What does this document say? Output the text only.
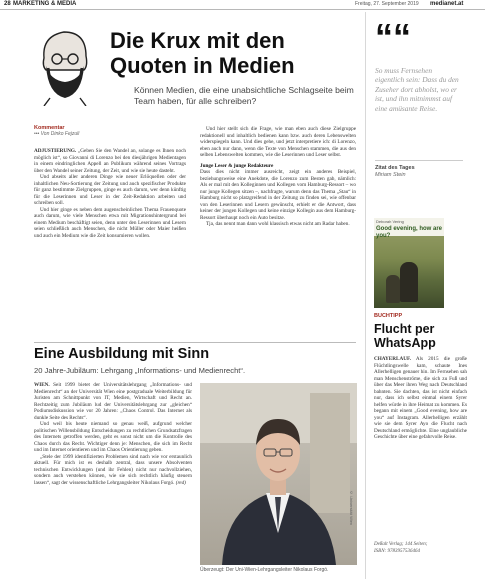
28 MARKETING & MEDIA	Freitag, 27. September 2019 medianet.at
Die Krux mit den Quoten in Medien
Können Medien, die eine unabsichtliche Schlagseite beim Team haben, für alle schreiben?
Kommentar
••• Von Dinko Fejzuli

ADJUSTIERUNG. „Geben Sie den Wandel an, solange es Ihnen noch möglich ist“, so Giovanni di Lorenzo bei den diesjährigen Medientagen in einem eindringlichen Appell an Publikum während seines Vortrags über den Wandel seiner Zeitung, der Zeit, und wie sie heute dasteht.

Und abseits aller anderen Dinge wie neuer Erlöquellen oder der inhaltlichen Neu-Sortierung der Zeitung und auch spezifischer Produkte für ganz bestimmte Zielgruppen, ginge es auch darum, wer denn künftig für die Leserinnen und Leser in der Zeit-Redaktion arbeiten und schreiben soll.

Und hier ginge es neben dem augenscheinlichen Thema Frauenquote auch darum, wie viele Menschen etwa mit Migrationshintergrund bei einem Medium beschäftigt seien, denn unter den Leserinnen und Lesern seien schließlich auch Menschen, die nicht Müller oder Maier heißen und auch ein Medium wie die Zeit konsumieren wollen.

Und hier stellt sich die Frage, wie man eben auch diese Zielgruppe redaktionell und inhaltlich bedienen kann bzw. auch deren Lebenswelten widerspiegeln kann. Und dies gehe, und jetzt interpretiere ich: di Lorenzo, eben auch nur dann, wenn die Texte von Menschen stammen, die aus den selben Lebenswelten kommen, wie die Leserinnen und Leser selbst.

Junge Leser & junge Redakteure

Dass dies nicht immer ausreicht, zeigt ein anderes Beispiel, beziehungsweise eine Anekdote, die Lorenzo zum Besten gab, nämlich: Als er mal mit den Kolleginnen und Kollegen vom Hamburg-Ressort – wo nur junge Kollegen sitzen –, nachfragte, warum denn das Thema „Stau“ in Hamburg nicht so platzgreifend in der Zeitung zu finden sei, wie offenbar von den Leserinnen und Lesern gewünscht, erhielt er die Antwort, dass keiner der jungen Kollegen und keine einzige Kollegin aus dem Hamburg-Ressort überhaupt noch ein Auto besitze.

Tja, das nennt man dann wohl klassisch etwas nicht am Radar haben.

““
So muss Fernsehen eigentlich sein: Dass du den Zuseher dort abholst, wo er ist, und ihn mitnimmst auf eine amüsante Reise.
Zitat des Tages
Miriam Stein
Deborah Vering
Good evening, how are you?
BUCHTIPP
Flucht per WhatsApp

CHAYERLAUF. Als 2015 die große Flüchtlingswelle kam, schaute Ines Allerhelligen genauer hin. Im Fernsehen sah man Menschenströme, die sich zu Fuß und über das Meer ihren Weg nach Deutschland bahnten. Sie dachten, das ist nicht einfach nur, dass ich selbst einmal einem Syrer helfen würde in ihre Heimat zu kommen. Es begann mit einem „Good evening, how are you“ auf Instagram. Allerhelligen erzählt wie sie dem Syrer Ayo die Flucht nach Deutschland ermöglichte. Eine unglaubliche Geschichte über eine gefahrvolle Reise.

Deßalt Verlag; 144 Seiten;
ISBN: 9783957536464
Eine Ausbildung mit Sinn
20 Jahre-Jubiläum: Lehrgang „Informations- und Medienrecht“.

WIEN. Seit 1999 bietet der Universitätslehrgang „Informations- und Medienrecht“ an der Universität Wien eine postgraduale Weiterbildung für Juristen am Schnittpunkt von IT, Medien, Wirtschaft und Recht an. Rechtzeitig zum Jubiläum lud der Universitätslehrgang zur „gleichen“ Podiumsdiskussion wie vor 20 Jahren: „Chaos Control. Das Internet als dunkle Seite des Rechts“.

Und weil bis heute niemand so genau weiß, aufgrund welcher politischen Willensbildung Entscheidungen zu rechtlichen Grundsatzfragen des Internets getroffen werden, geht es sonst nicht um die Kontrolle des Chaos durch das Recht. Wichtiger denn je: Menschen, die sich im Recht und im Internet orientieren und im Chaos Orientierung geben.

„Stele der 1999 identifizierten Problemen sind nach wie vor erstaunlich aktuell. Für mich ist es deshalb zentral, dass unsere Absolventen technischen Entwicklungen (und ihr Fehlen) nicht nur nachvollziehen, sondern auch verstehen können, wie sie sich rechtlich häufig steuern lassen“, sagt der wissenschaftliche Lehrgangsleiter Nikolaus Forgó. (red)

© Universität Wien
Überzeugt: Der Uni-Wien-Lehrgangsleiter Nikolaus Forgó.
